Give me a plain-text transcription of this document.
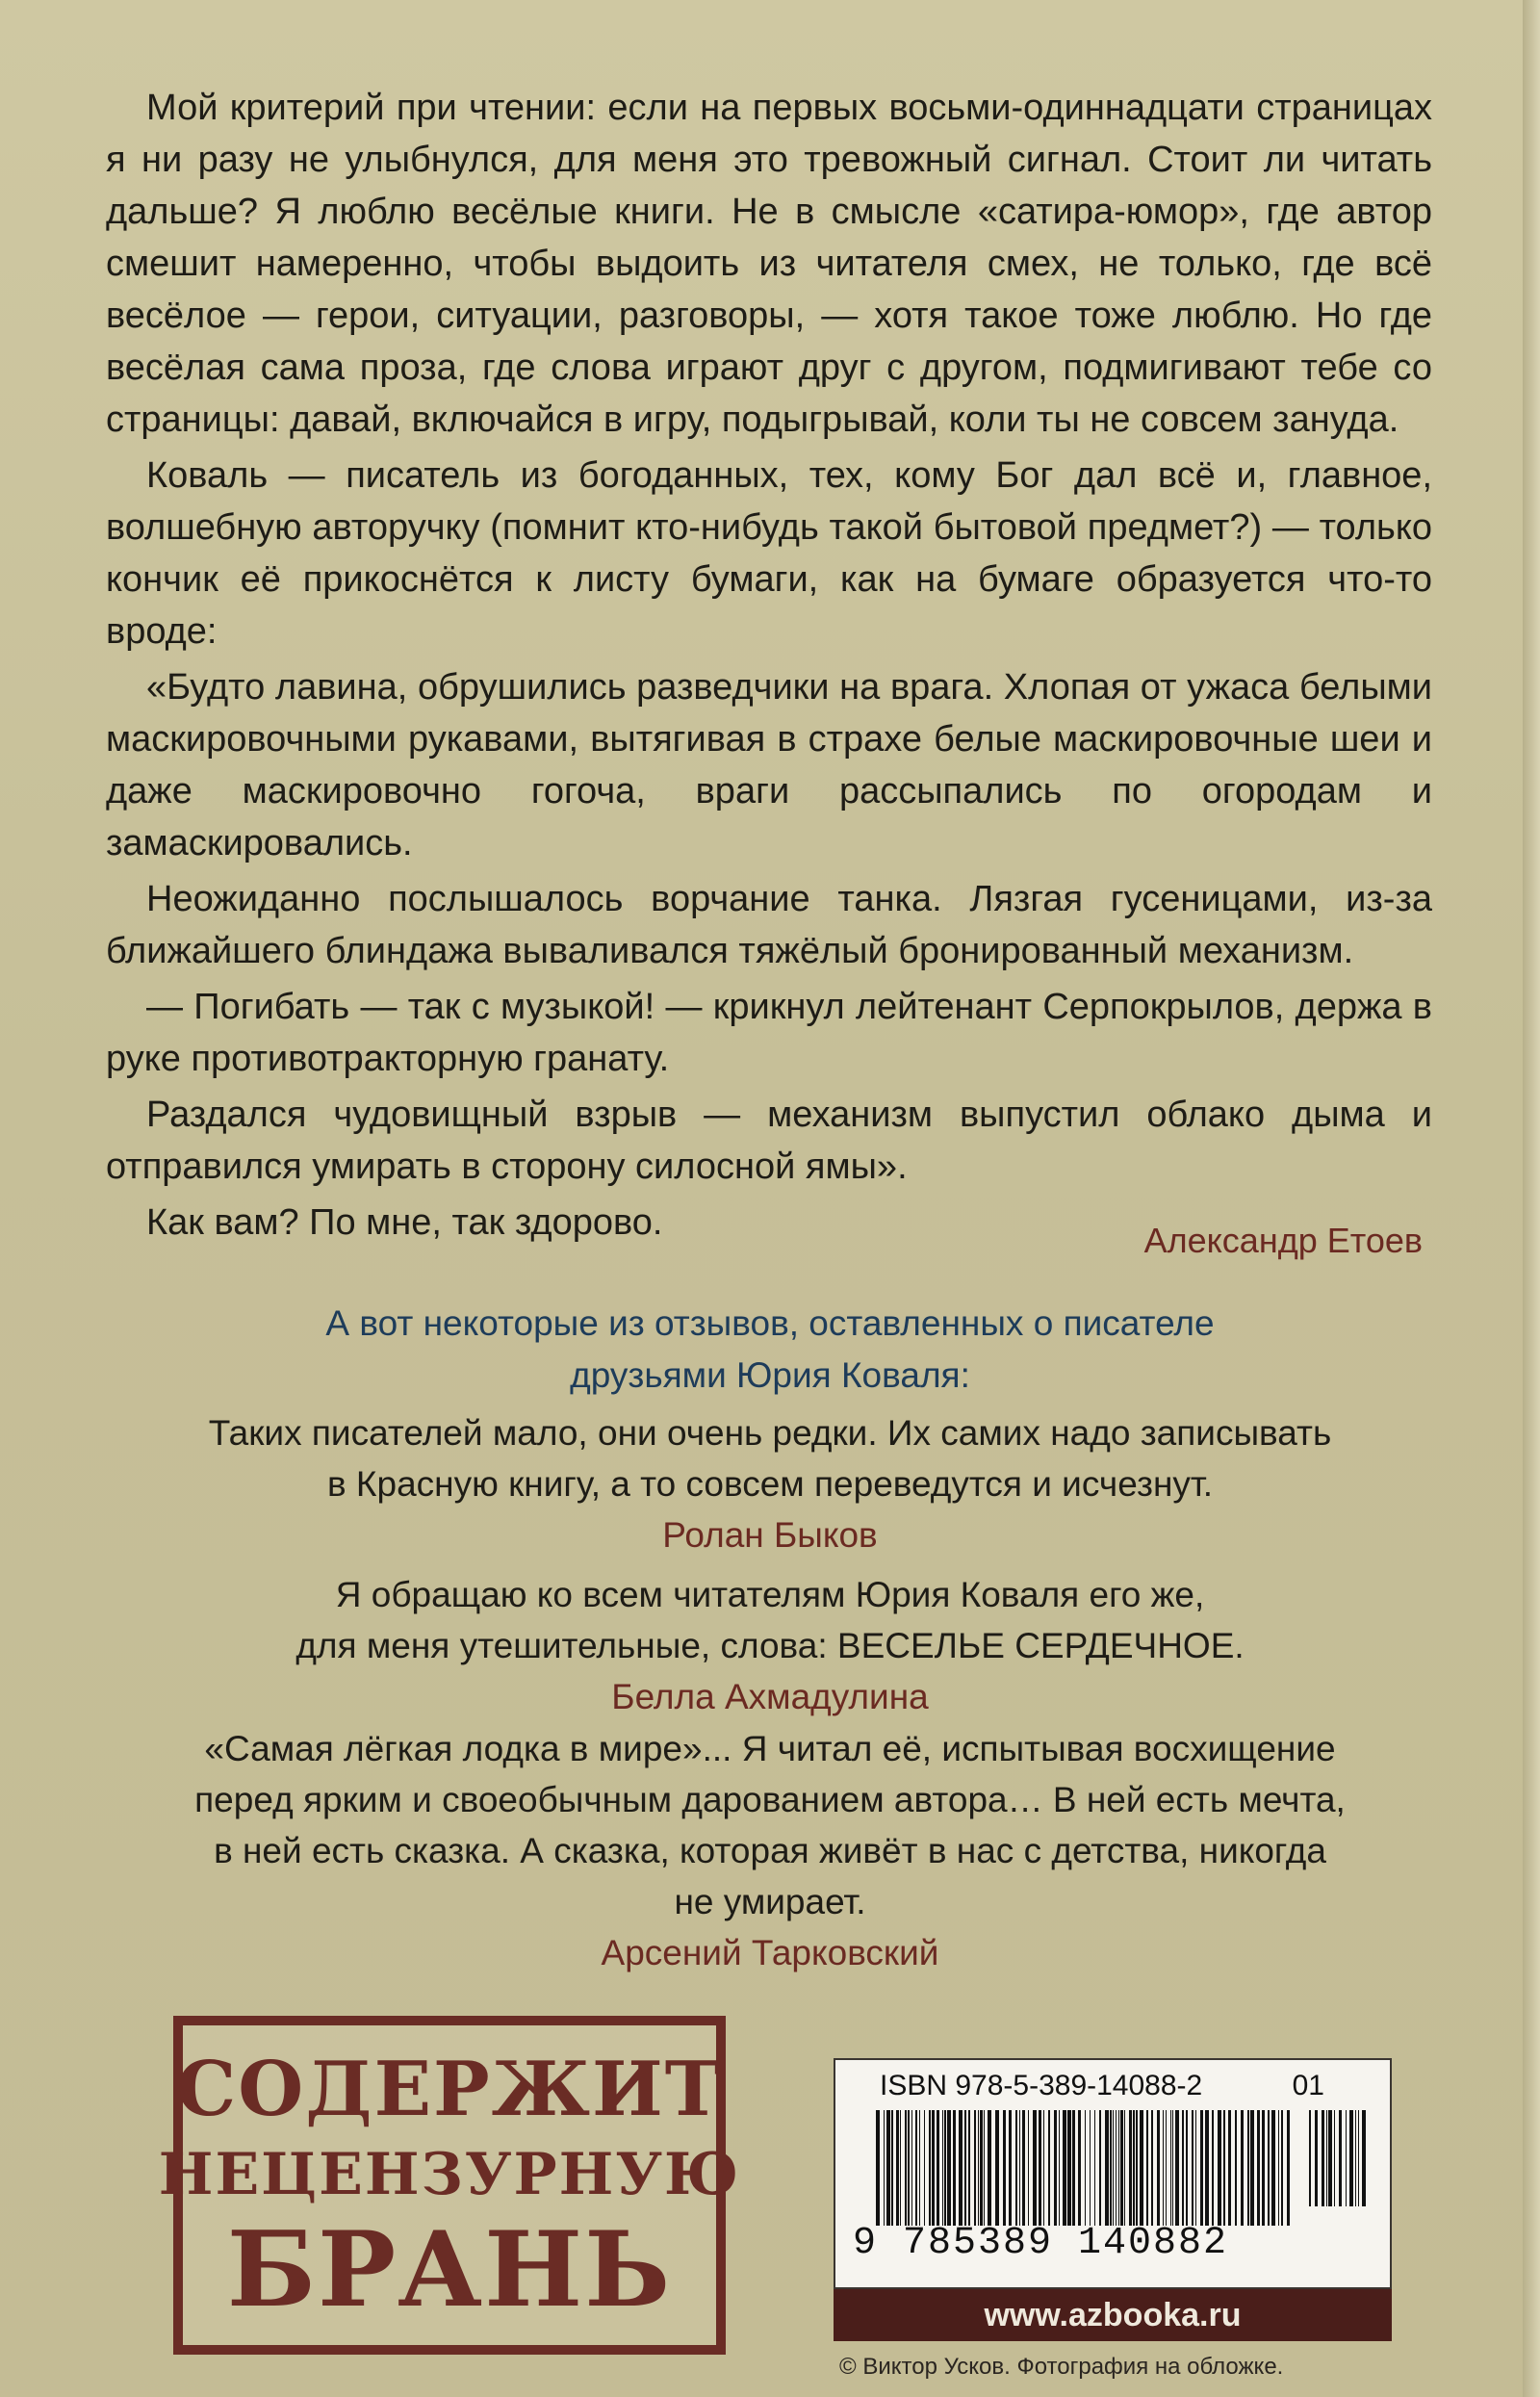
Мой критерий при чтении: если на первых восьми-одиннадцати страницах я ни разу не улыбнулся, для меня это тревожный сигнал. Стоит ли читать дальше? Я люблю весёлые книги. Не в смысле «сатира-юмор», где автор смешит намеренно, чтобы выдоить из читателя смех, не только, где всё весёлое — герои, ситуации, разговоры, — хотя такое тоже люблю. Но где весёлая сама проза, где слова играют друг с другом, подмигивают тебе со страницы: давай, включайся в игру, подыгрывай, коли ты не совсем зануда.

Коваль — писатель из богоданных, тех, кому Бог дал всё и, главное, волшебную авторучку (помнит кто-нибудь такой бытовой предмет?) — только кончик её прикоснётся к листу бумаги, как на бумаге образуется что-то вроде:

«Будто лавина, обрушились разведчики на врага. Хлопая от ужаса белыми маскировочными рукавами, вытягивая в страхе белые маскировочные шеи и даже маскировочно гогоча, враги рассыпались по огородам и замаскировались.

Неожиданно послышалось ворчание танка. Лязгая гусеницами, из-за ближайшего блиндажа вываливался тяжёлый бронированный механизм.

— Погибать — так с музыкой! — крикнул лейтенант Серпокрылов, держа в руке противотракторную гранату.

Раздался чудовищный взрыв — механизм выпустил облако дыма и отправился умирать в сторону силосной ямы».

Как вам? По мне, так здорово.	Александр Етоев
А вот некоторые из отзывов, оставленных о писателе
друзьями Юрия Коваля:
Таких писателей мало, они очень редки. Их самих надо записывать
в Красную книгу, а то совсем переведутся и исчезнут.
Ролан Быков
Я обращаю ко всем читателям Юрия Коваля его же,
для меня утешительные, слова: ВЕСЕЛЬЕ СЕРДЕЧНОЕ.
Белла Ахмадулина
«Самая лёгкая лодка в мире»... Я читал её, испытывая восхищение
перед ярким и своеобычным дарованием автора… В ней есть мечта,
в ней есть сказка. А сказка, которая живёт в нас с детства, никогда
не умирает.
Арсений Тарковский
СОДЕРЖИТ
НЕЦЕНЗУРНУЮ
БРАНЬ
ISBN 978-5-389-14088-2	01
9 785389 140882
www.azbooka.ru
© Виктор Усков. Фотография на обложке.
